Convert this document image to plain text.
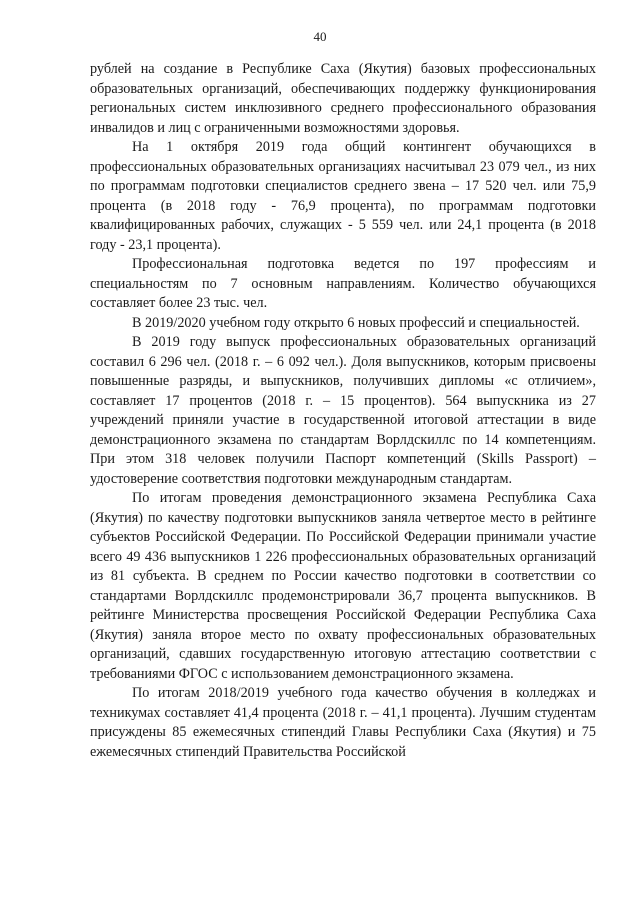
40

рублей на создание в Республике Саха (Якутия) базовых профессиональных образовательных организаций, обеспечивающих поддержку функционирования региональных систем инклюзивного среднего профессионального образования инвалидов и лиц с ограниченными возможностями здоровья.

На 1 октября 2019 года общий контингент обучающихся в профессиональных образовательных организациях насчитывал 23 079 чел., из них по программам подготовки специалистов среднего звена – 17 520 чел. или 75,9 процента (в 2018 году - 76,9 процента), по программам подготовки квалифицированных рабочих, служащих - 5 559 чел. или 24,1 процента (в 2018 году - 23,1 процента).

Профессиональная подготовка ведется по 197 профессиям и специальностям по 7 основным направлениям. Количество обучающихся составляет более 23 тыс. чел.

В 2019/2020 учебном году открыто 6 новых профессий и специальностей.

В 2019 году выпуск профессиональных образовательных организаций составил 6 296 чел. (2018 г. – 6 092 чел.). Доля выпускников, которым присвоены повышенные разряды, и выпускников, получивших дипломы «с отличием», составляет 17 процентов (2018 г. – 15 процентов). 564 выпускника из 27 учреждений приняли участие в государственной итоговой аттестации в виде демонстрационного экзамена по стандартам Ворлдскиллс по 14 компетенциям. При этом 318 человек получили Паспорт компетенций (Skills Passport) – удостоверение соответствия подготовки международным стандартам.

По итогам проведения демонстрационного экзамена Республика Саха (Якутия) по качеству подготовки выпускников заняла четвертое место в рейтинге субъектов Российской Федерации. По Российской Федерации принимали участие всего 49 436 выпускников 1 226 профессиональных образовательных организаций из 81 субъекта. В среднем по России качество подготовки в соответствии со стандартами Ворлдскиллс продемонстрировали 36,7 процента выпускников. В рейтинге Министерства просвещения Российской Федерации Республика Саха (Якутия) заняла второе место по охвату профессиональных образовательных организаций, сдавших государственную итоговую аттестацию соответствии с требованиями ФГОС с использованием демонстрационного экзамена.

По итогам 2018/2019 учебного года качество обучения в колледжах и техникумах составляет 41,4 процента (2018 г. – 41,1 процента). Лучшим студентам присуждены 85 ежемесячных стипендий Главы Республики Саха (Якутия) и 75 ежемесячных стипендий Правительства Российской
